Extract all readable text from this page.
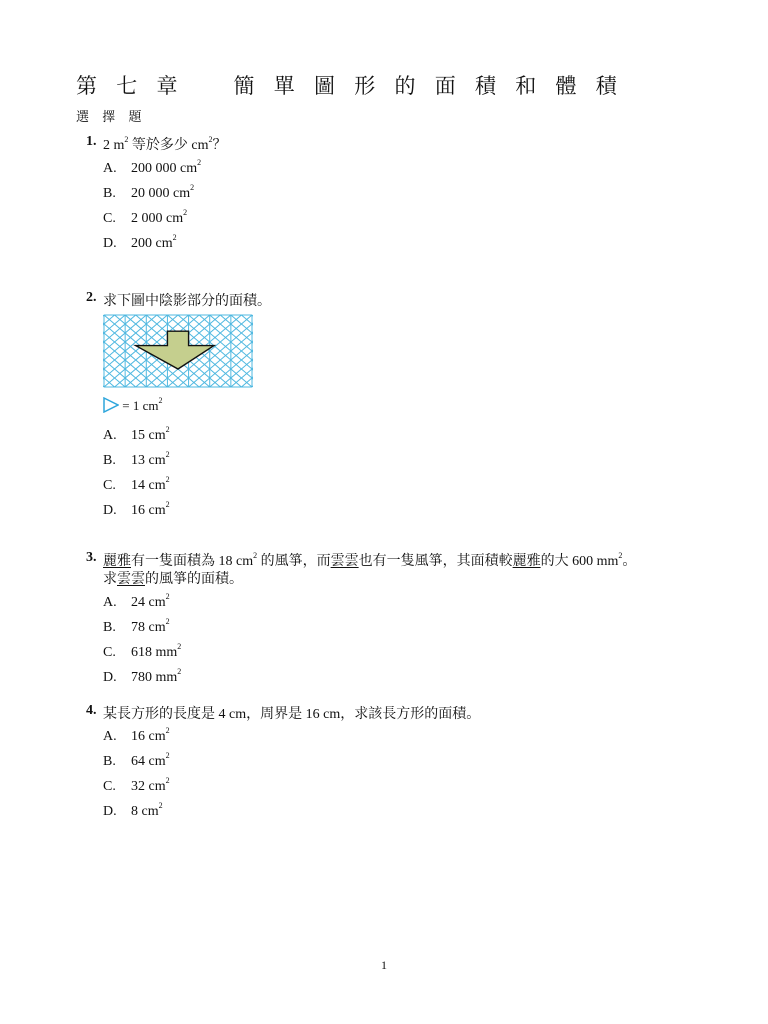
第 七 章    簡 單 圖 形 的 面 積 和 體 積
選 擇 題
1. 2 $m^2$ 等於多少 $cm^2$？
A. 200 000 $cm^2$
B. 20 000 $cm^2$
C. 2 000 $cm^2$
D. 200 $cm^2$
2. 求下圖中陰影部分的面積。
= 1 $cm^2$
A. 15 $cm^2$
B. 13 $cm^2$
C. 14 $cm^2$
D. 16 $cm^2$
3. 麗雅有一隻面積為 18 $cm^2$ 的風箏，而雲雲也有一隻風箏，其面積較麗雅的大 600 $mm^2$。
求雲雲的風箏的面積。
A. 24 $cm^2$
B. 78 $cm^2$
C. 618 $mm^2$
D. 780 $mm^2$
4. 某長方形的長度是 4 cm，周界是 16 cm，求該長方形的面積。
A. 16 $cm^2$
B. 64 $cm^2$
C. 32 $cm^2$
D. 8 $cm^2$
1
